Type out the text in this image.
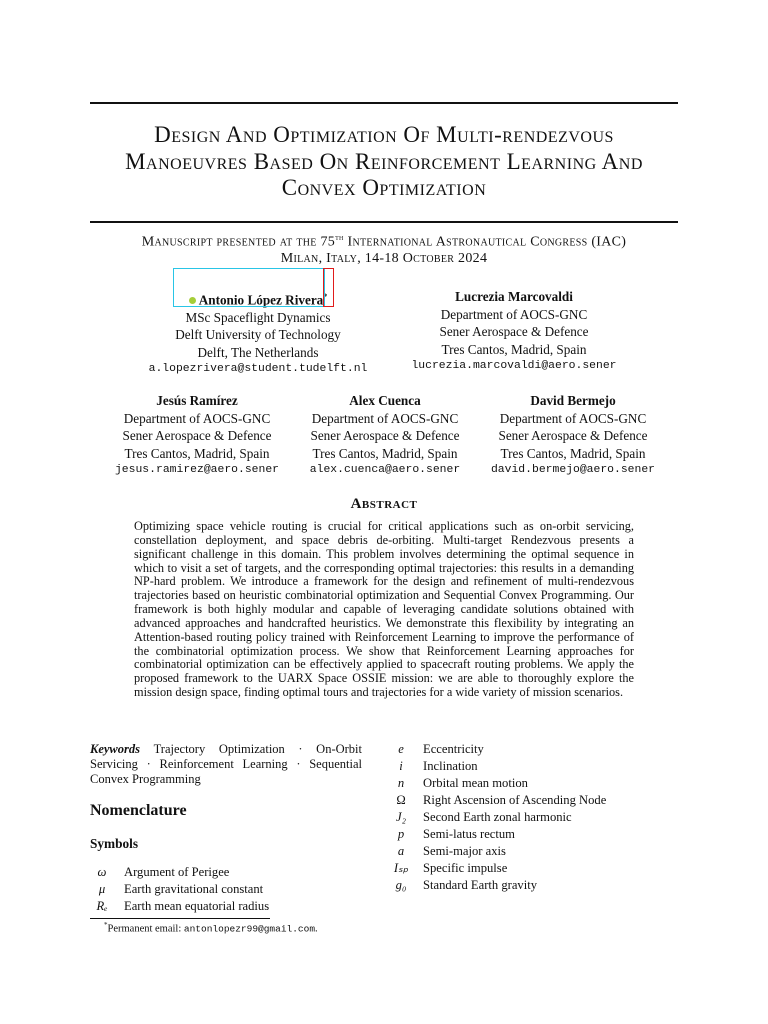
Design And Optimization Of Multi-rendezvous Manoeuvres Based On Reinforcement Learning And Convex Optimization
Manuscript presented at the 75th International Astronautical Congress (IAC)
Milan, Italy, 14-18 October 2024
Antonio López Rivera*
MSc Spaceflight Dynamics
Delft University of Technology
Delft, The Netherlands
a.lopezrivera@student.tudelft.nl
Lucrezia Marcovaldi
Department of AOCS-GNC
Sener Aerospace & Defence
Tres Cantos, Madrid, Spain
lucrezia.marcovaldi@aero.sener
Jesús Ramírez
Department of AOCS-GNC
Sener Aerospace & Defence
Tres Cantos, Madrid, Spain
jesus.ramirez@aero.sener
Alex Cuenca
Department of AOCS-GNC
Sener Aerospace & Defence
Tres Cantos, Madrid, Spain
alex.cuenca@aero.sener
David Bermejo
Department of AOCS-GNC
Sener Aerospace & Defence
Tres Cantos, Madrid, Spain
david.bermejo@aero.sener
Abstract
Optimizing space vehicle routing is crucial for critical applications such as on-orbit servicing, constellation deployment, and space debris de-orbiting. Multi-target Rendezvous presents a significant challenge in this domain. This problem involves determining the optimal sequence in which to visit a set of targets, and the corresponding optimal trajectories: this results in a demanding NP-hard problem. We introduce a framework for the design and refinement of multi-rendezvous trajectories based on heuristic combinatorial optimization and Sequential Convex Programming. Our framework is both highly modular and capable of leveraging candidate solutions obtained with advanced approaches and handcrafted heuristics. We demonstrate this flexibility by integrating an Attention-based routing policy trained with Reinforcement Learning to improve the performance of the combinatorial optimization process. We show that Reinforcement Learning approaches for combinatorial optimization can be effectively applied to spacecraft routing problems. We apply the proposed framework to the UARX Space OSSIE mission: we are able to thoroughly explore the mission design space, finding optimal tours and trajectories for a wide variety of mission scenarios.
Keywords Trajectory Optimization · On-Orbit Servicing · Reinforcement Learning · Sequential Convex Programming
Nomenclature
Symbols
ω	Argument of Perigee
μ	Earth gravitational constant
Rₑ	Earth mean equatorial radius
e	Eccentricity
i	Inclination
n	Orbital mean motion
Ω	Right Ascension of Ascending Node
J₂	Second Earth zonal harmonic
p	Semi-latus rectum
a	Semi-major axis
Iₛₚ	Specific impulse
g₀	Standard Earth gravity
*Permanent email: antonlopezr99@gmail.com.
